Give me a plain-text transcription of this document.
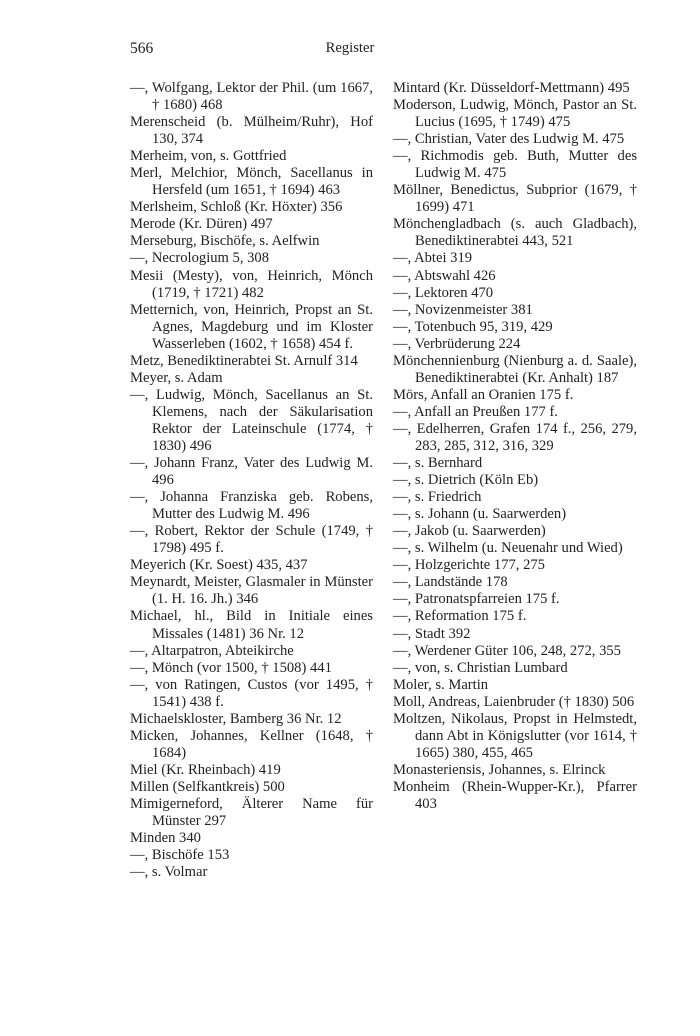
566	Register
—, Wolfgang, Lektor der Phil. (um 1667, † 1680) 468
Merenscheid (b. Mülheim/Ruhr), Hof 130, 374
Merheim, von, s. Gottfried
Merl, Melchior, Mönch, Sacellanus in Hersfeld (um 1651, † 1694) 463
Merlsheim, Schloß (Kr. Höxter) 356
Merode (Kr. Düren) 497
Merseburg, Bischöfe, s. Aelfwin
—, Necrologium 5, 308
Mesii (Mesty), von, Heinrich, Mönch (1719, † 1721) 482
Metternich, von, Heinrich, Propst an St. Agnes, Magdeburg und im Kloster Wasserleben (1602, † 1658) 454 f.
Metz, Benediktinerabtei St. Arnulf 314
Meyer, s. Adam
—, Ludwig, Mönch, Sacellanus an St. Klemens, nach der Säkularisation Rektor der Lateinschule (1774, † 1830) 496
—, Johann Franz, Vater des Ludwig M. 496
—, Johanna Franziska geb. Robens, Mutter des Ludwig M. 496
—, Robert, Rektor der Schule (1749, † 1798) 495 f.
Meyerich (Kr. Soest) 435, 437
Meynardt, Meister, Glasmaler in Münster (1. H. 16. Jh.) 346
Michael, hl., Bild in Initiale eines Missales (1481) 36 Nr. 12
—, Altarpatron, Abteikirche
—, Mönch (vor 1500, † 1508) 441
—, von Ratingen, Custos (vor 1495, † 1541) 438 f.
Michaelskloster, Bamberg 36 Nr. 12
Micken, Johannes, Kellner (1648, † 1684)
Miel (Kr. Rheinbach) 419
Millen (Selfkantkreis) 500
Mimigerneford, Älterer Name für Münster 297
Minden 340
—, Bischöfe 153
—, s. Volmar
Mintard (Kr. Düsseldorf-Mettmann) 495
Moderson, Ludwig, Mönch, Pastor an St. Lucius (1695, † 1749) 475
—, Christian, Vater des Ludwig M. 475
—, Richmodis geb. Buth, Mutter des Ludwig M. 475
Möllner, Benedictus, Subprior (1679, † 1699) 471
Mönchengladbach (s. auch Gladbach), Benediktinerabtei 443, 521
—, Abtei 319
—, Abtswahl 426
—, Lektoren 470
—, Novizenmeister 381
—, Totenbuch 95, 319, 429
—, Verbrüderung 224
Mönchennienburg (Nienburg a. d. Saale), Benediktinerabtei (Kr. Anhalt) 187
Mörs, Anfall an Oranien 175 f.
—, Anfall an Preußen 177 f.
—, Edelherren, Grafen 174 f., 256, 279, 283, 285, 312, 316, 329
—, s. Bernhard
—, s. Dietrich (Köln Eb)
—, s. Friedrich
—, s. Johann (u. Saarwerden)
—, Jakob (u. Saarwerden)
—, s. Wilhelm (u. Neuenahr und Wied)
—, Holzgerichte 177, 275
—, Landstände 178
—, Patronatspfarreien 175 f.
—, Reformation 175 f.
—, Stadt 392
—, Werdener Güter 106, 248, 272, 355
—, von, s. Christian Lumbard
Moler, s. Martin
Moll, Andreas, Laienbruder († 1830) 506
Moltzen, Nikolaus, Propst in Helmstedt, dann Abt in Königslutter (vor 1614, † 1665) 380, 455, 465
Monasteriensis, Johannes, s. Elrinck
Monheim (Rhein-Wupper-Kr.), Pfarrer 403
